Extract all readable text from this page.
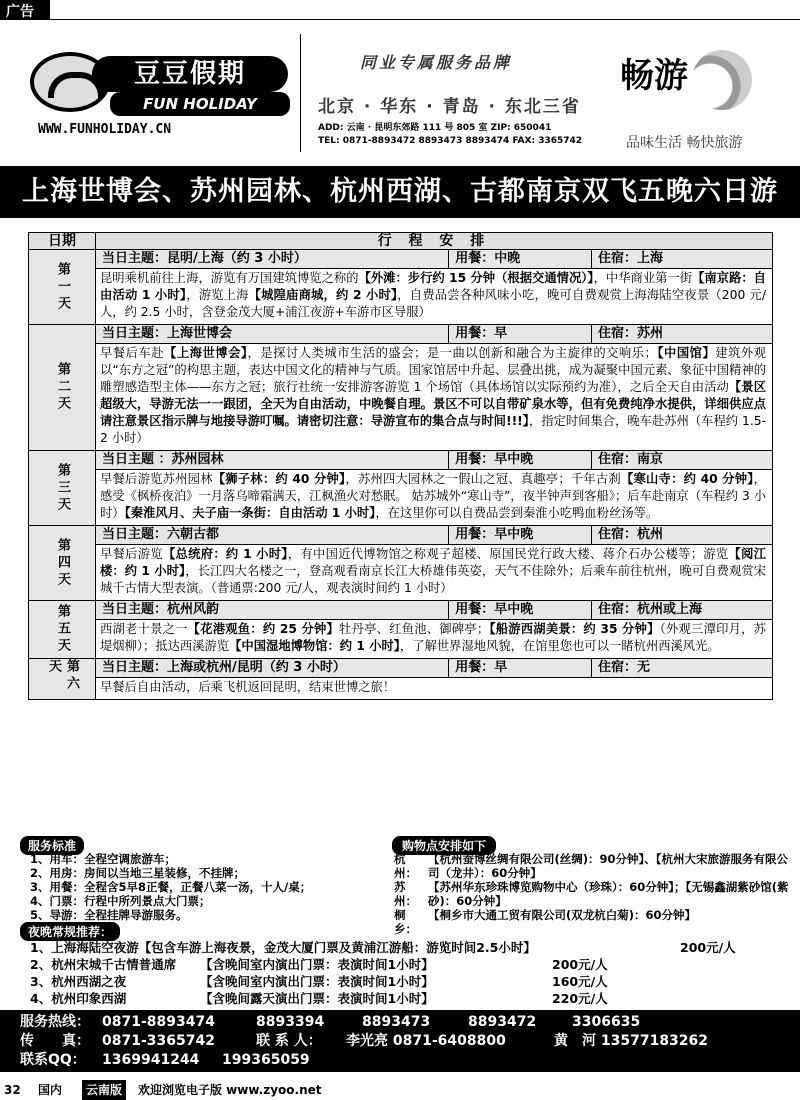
广告
豆豆假期
FUN HOLIDAY
WWW.FUNHOLIDAY.CN
同业专属服务品牌
北京 · 华东 · 青岛 · 东北三省
ADD: 云南 · 昆明东郊路 111 号 805 室 ZIP: 650041
TEL: 0871-8893472 8893473 8893474 FAX: 3365742
畅游
品味生活 畅快旅游
上海世博会、苏州园林、杭州西湖、古都南京双飞五晚六日游
日期	行 程 安 排		

第一天	当日主题：昆明/上海（约 3 小时）	用餐：中晚	住宿：上海
	昆明乘机前往上海，游览有万国建筑博览之称的【外滩：步行约 15 分钟（根据交通情况）】，中华商业第一街【南京路：自由活动 1 小时】，游览上海【城隍庙商城，约 2 小时】，自费品尝各种风味小吃，晚可自费观赏上海海陆空夜景（200 元/人，约 2.5 小时，含登金茂大厦+浦江夜游+车游市区导服）		

第二天	当日主题：上海世博会	用餐：早	住宿：苏州
	早餐后车赴【上海世博会】，是探讨人类城市生活的盛会；是一曲以创新和融合为主旋律的交响乐；【中国馆】建筑外观以“东方之冠”的构思主题，表达中国文化的精神与气质。国家馆居中升起、层叠出挑，成为凝聚中国元素、象征中国精神的雕塑感造型主体——东方之冠；旅行社统一安排游客游览 1 个场馆（具体场馆以实际预约为准），之后全天自由活动【景区超级大，导游无法一一跟团，全天为自由活动，中晚餐自理。景区不可以自带矿泉水等，但有免费纯净水提供，详细供应点请注意景区指示牌与地接导游叮嘱。请密切注意：导游宣布的集合点与时间!!!】，指定时间集合，晚车赴苏州（车程约 1.5-2 小时）		

第三天	当日主题 ：苏州园林	用餐：早中晚	住宿：南京
	早餐后游览苏州园林【狮子林：约 40 分钟】，苏州四大园林之一假山之冠、真趣亭；千年古刹【寒山寺：约 40 分钟】，感受《枫桥夜泊》一月落乌啼霜满天，江枫渔火对愁眠。 姑苏城外“寒山寺”，夜半钟声到客船》；后车赴南京（车程约 3 小时）【秦淮风月、夫子庙一条街：自由活动 1 小时】，在这里你可以自费品尝到秦淮小吃鸭血粉丝汤等。		

第四天	当日主题：六朝古都	用餐：早中晚	住宿：杭州
	早餐后游览【总统府：约 1 小时】，有中国近代博物馆之称观子超楼、原国民党行政大楼、蒋介石办公楼等；游览【阅江楼：约 1 小时】，长江四大名楼之一，登高观看南京长江大桥雄伟英姿，天气不佳除外；后乘车前往杭州，晚可自费观赏宋城千古情大型表演。（普通票:200 元/人，观表演时间约 1 小时）		

第五天	当日主题：杭州风韵	用餐：早中晚	住宿：杭州或上海
	西湖老十景之一【花港观鱼：约 25 分钟】牡丹亭、红鱼池、御碑亭；【船游西湖美景：约 35 分钟】（外观三潭印月，苏堤烟柳）；抵达西溪游览【中国湿地博物馆：约 1 小时】，了解世界湿地风貌，在馆里您也可以一睹杭州西溪风光。		

第六天	当日主题：上海或杭州/昆明（约 3 小时）	用餐：早	住宿：无
	早餐后自由活动，后乘飞机返回昆明，结束世博之旅！		
服务标准
1、用车：全程空调旅游车；
2、用房：房间以当地三星装修，不挂牌；
3、用餐：全程含5早8正餐，正餐八菜一汤，十人/桌；
4、门票：行程中所列景点大门票；
5、导游：全程挂牌导游服务。
购物点安排如下
杭州：
【杭州蚕博丝绸有限公司(丝绸)：90分钟】、【杭州大宋旅游服务有限公司（龙井）：60分钟】
苏州：
【苏州华东珍珠博览购物中心（珍珠）：60分钟】；【无锡鑫湖紫砂馆(紫砂)：60分钟】
桐乡：
【桐乡市大通工贸有限公司(双龙杭白菊)：60分钟】
夜晚常规推荐：
1、上海海陆空夜游【包含车游上海夜景，金茂大厦门票及黄浦江游船：游览时间2.5小时】	200元/人
2、杭州宋城千古情普通席 【含晚间室内演出门票：表演时间1小时】	200元/人
3、杭州西湖之夜	【含晚间室内演出门票：表演时间1小时】	160元/人
4、杭州印象西湖	【含晚间露天演出门票：表演时间1小时】	220元/人
服务热线： 0871-8893474	8893394	8893473	8893472	3306635
传　　真： 0871-3365742	联 系 人： 李光亮 0871-6408800	黄　河 13577183262
联系QQ： 1369941244 199365059
32 国内	云南版	欢迎浏览电子版 www.zyoo.net
